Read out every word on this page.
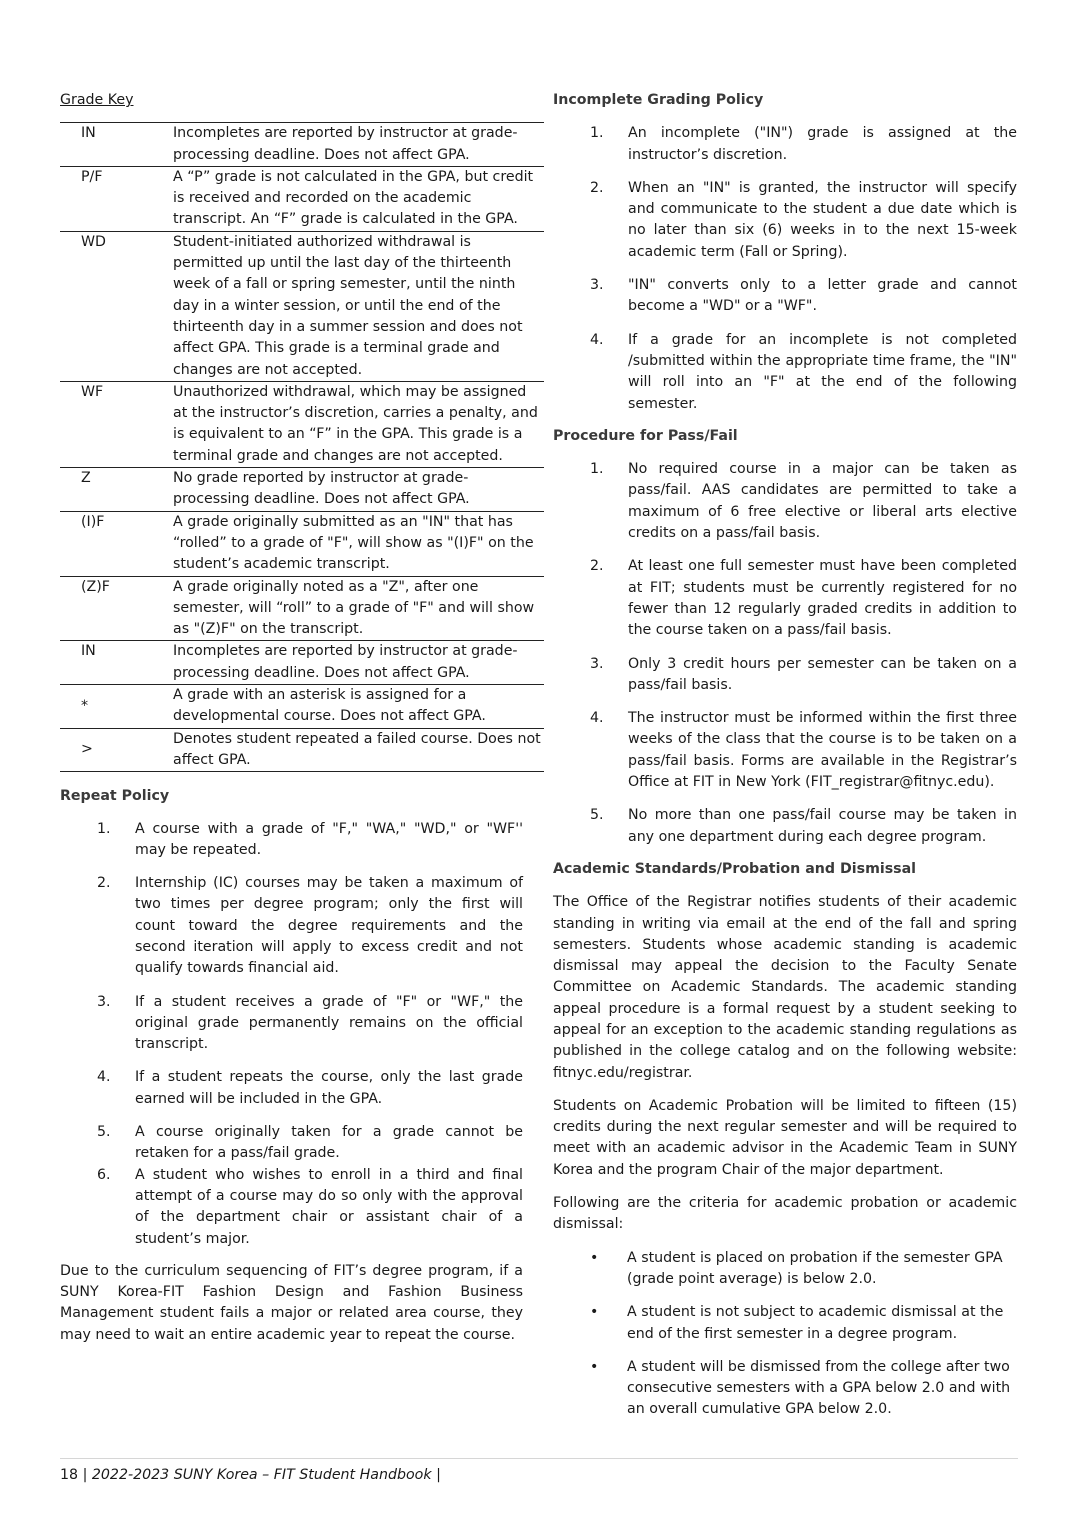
Grade Key
IN	Incompletes are reported by instructor at grade-processing deadline. Does not affect GPA.
P/F	A “P” grade is not calculated in the GPA, but credit is received and recorded on the academic transcript. An “F” grade is calculated in the GPA.
WD	Student-initiated authorized withdrawal is permitted up until the last day of the thirteenth week of a fall or spring semester, until the ninth day in a winter session, or until the end of the thirteenth day in a summer session and does not affect GPA. This grade is a terminal grade and changes are not accepted.
WF	Unauthorized withdrawal, which may be assigned at the instructor’s discretion, carries a penalty, and is equivalent to an “F” in the GPA. This grade is a terminal grade and changes are not accepted.
Z	No grade reported by instructor at grade-processing deadline. Does not affect GPA.
(I)F	A grade originally submitted as an "IN" that has “rolled” to a grade of "F", will show as "(I)F" on the student’s academic transcript.
(Z)F	A grade originally noted as a "Z", after one semester, will “roll” to a grade of "F" and will show as "(Z)F" on the transcript.
IN	Incompletes are reported by instructor at grade-processing deadline. Does not affect GPA.
*	A grade with an asterisk is assigned for a developmental course. Does not affect GPA.
>	Denotes student repeated a failed course. Does not affect GPA.
Repeat Policy
1. A course with a grade of "F," "WA," "WD," or "WF'' may be repeated.
2. Internship (IC) courses may be taken a maximum of two times per degree program; only the first will count toward the degree requirements and the second iteration will apply to excess credit and not qualify towards financial aid.
3. If a student receives a grade of "F" or "WF," the original grade permanently remains on the official transcript.
4. If a student repeats the course, only the last grade earned will be included in the GPA.
5. A course originally taken for a grade cannot be retaken for a pass/fail grade.
6. A student who wishes to enroll in a third and final attempt of a course may do so only with the approval of the department chair or assistant chair of a student’s major.

Due to the curriculum sequencing of FIT’s degree program, if a SUNY Korea-FIT Fashion Design and Fashion Business Management student fails a major or related area course, they may need to wait an entire academic year to repeat the course.

Incomplete Grading Policy
1. An incomplete ("IN") grade is assigned at the instructor’s discretion.
2. When an "IN" is granted, the instructor will specify and communicate to the student a due date which is no later than six (6) weeks in to the next 15-week academic term (Fall or Spring).
3. "IN" converts only to a letter grade and cannot become a "WD" or a "WF".
4. If a grade for an incomplete is not completed /submitted within the appropriate time frame, the "IN" will roll into an "F" at the end of the following semester.
Procedure for Pass/Fail
1. No required course in a major can be taken as pass/fail. AAS candidates are permitted to take a maximum of 6 free elective or liberal arts elective credits on a pass/fail basis.
2. At least one full semester must have been completed at FIT; students must be currently registered for no fewer than 12 regularly graded credits in addition to the course taken on a pass/fail basis.
3. Only 3 credit hours per semester can be taken on a pass/fail basis.
4. The instructor must be informed within the first three weeks of the class that the course is to be taken on a pass/fail basis. Forms are available in the Registrar’s Office at FIT in New York (FIT_registrar@fitnyc.edu).
5. No more than one pass/fail course may be taken in any one department during each degree program.
Academic Standards/Probation and Dismissal

The Office of the Registrar notifies students of their academic standing in writing via email at the end of the fall and spring semesters. Students whose academic standing is academic dismissal may appeal the decision to the Faculty Senate Committee on Academic Standards. The academic standing appeal procedure is a formal request by a student seeking to appeal for an exception to the academic standing regulations as published in the college catalog and on the following website: fitnyc.edu/registrar.

Students on Academic Probation will be limited to fifteen (15) credits during the next regular semester and will be required to meet with an academic advisor in the Academic Team in SUNY Korea and the program Chair of the major department.

Following are the criteria for academic probation or academic dismissal:

• A student is placed on probation if the semester GPA (grade point average) is below 2.0.
• A student is not subject to academic dismissal at the end of the first semester in a degree program.
• A student will be dismissed from the college after two consecutive semesters with a GPA below 2.0 and with an overall cumulative GPA below 2.0.
18 | 2022-2023 SUNY Korea – FIT Student Handbook |
